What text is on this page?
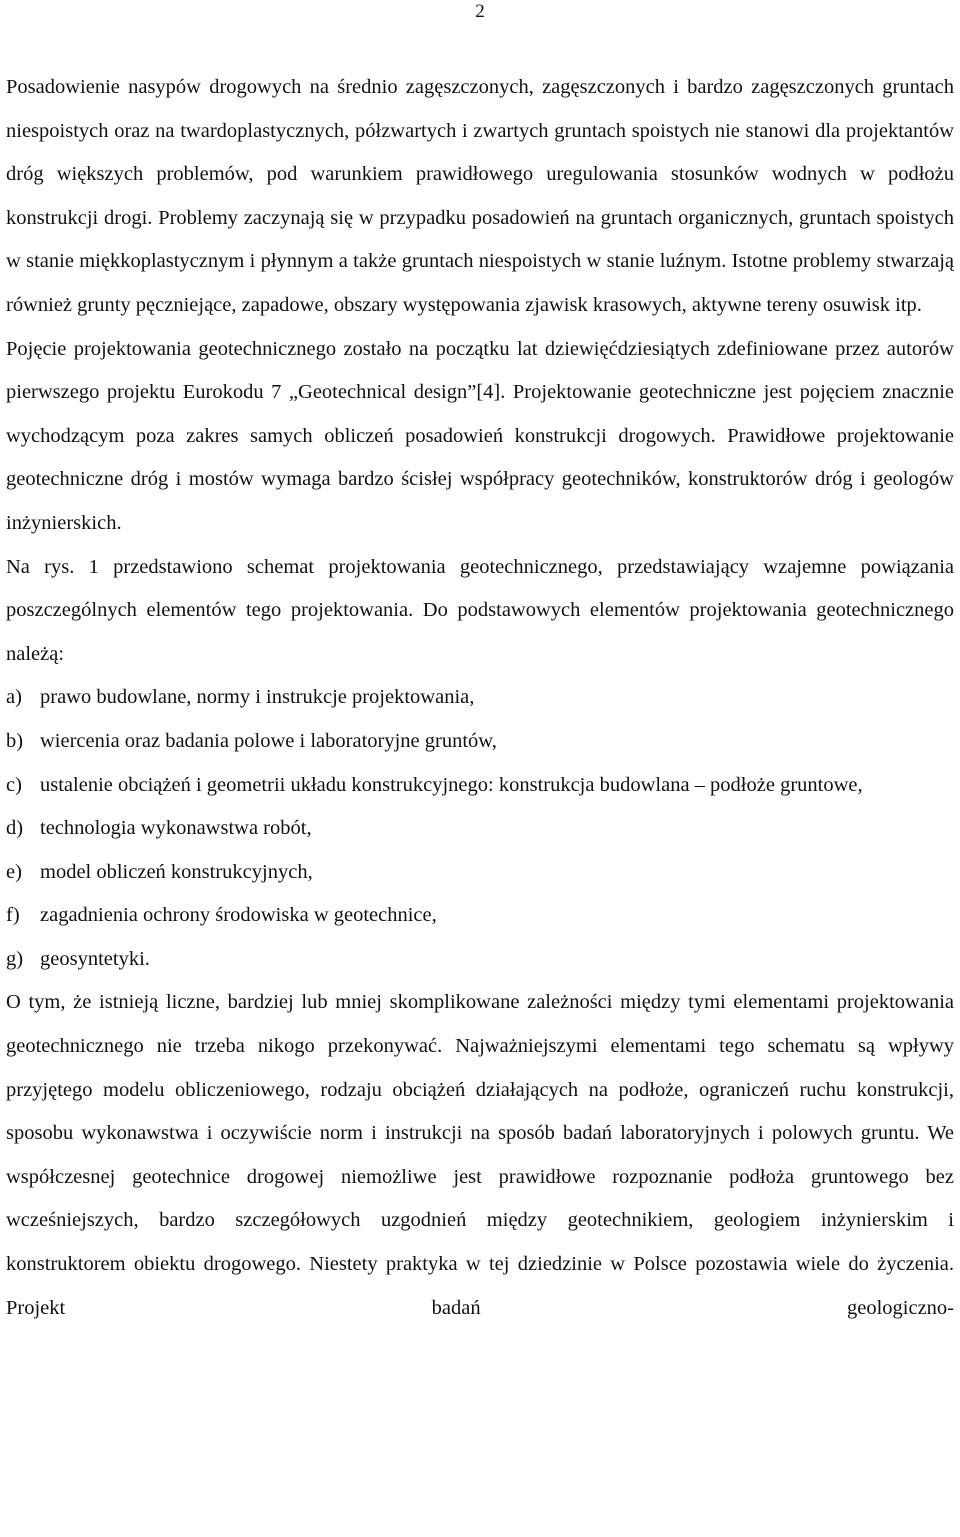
2

Posadowienie nasypów drogowych na średnio zagęszczonych, zagęszczonych i bardzo zagęszczonych gruntach niespoistych oraz na twardoplastycznych, półzwartych i zwartych gruntach spoistych nie stanowi dla projektantów dróg większych problemów, pod warunkiem prawidłowego uregulowania stosunków wodnych w podłożu konstrukcji drogi. Problemy zaczynają się w przypadku posadowień na gruntach organicznych, gruntach spoistych w stanie miękkoplastycznym i płynnym a także gruntach niespoistych w stanie luźnym. Istotne problemy stwarzają również grunty pęczniejące, zapadowe, obszary występowania zjawisk krasowych, aktywne tereny osuwisk itp.

Pojęcie projektowania geotechnicznego zostało na początku lat dziewięćdziesiątych zdefiniowane przez autorów pierwszego projektu Eurokodu 7 „Geotechnical design”[4]. Projektowanie geotechniczne jest pojęciem znacznie wychodzącym poza zakres samych obliczeń posadowień konstrukcji drogowych. Prawidłowe projektowanie geotechniczne dróg i mostów wymaga bardzo ścisłej współpracy geotechników, konstruktorów dróg i geologów inżynierskich.

Na rys. 1 przedstawiono schemat projektowania geotechnicznego, przedstawiający wzajemne powiązania poszczególnych elementów tego projektowania. Do podstawowych elementów projektowania geotechnicznego należą:

a) prawo budowlane, normy i instrukcje projektowania,
b) wiercenia oraz badania polowe i laboratoryjne gruntów,
c) ustalenie obciążeń i geometrii układu konstrukcyjnego: konstrukcja budowlana – podłoże gruntowe,
d) technologia wykonawstwa robót,
e) model obliczeń konstrukcyjnych,
f) zagadnienia ochrony środowiska w geotechnice,
g) geosyntetyki.

O tym, że istnieją liczne, bardziej lub mniej skomplikowane zależności między tymi elementami projektowania geotechnicznego nie trzeba nikogo przekonywać. Najważniejszymi elementami tego schematu są wpływy przyjętego modelu obliczeniowego, rodzaju obciążeń działających na podłoże, ograniczeń ruchu konstrukcji, sposobu wykonawstwa i oczywiście norm i instrukcji na sposób badań laboratoryjnych i polowych gruntu. We współczesnej geotechnice drogowej niemożliwe jest prawidłowe rozpoznanie podłoża gruntowego bez wcześniejszych, bardzo szczegółowych uzgodnień między geotechnikiem, geologiem inżynierskim i konstruktorem obiektu drogowego. Niestety praktyka w tej dziedzinie w Polsce pozostawia wiele do życzenia. Projekt badań geologiczno-
